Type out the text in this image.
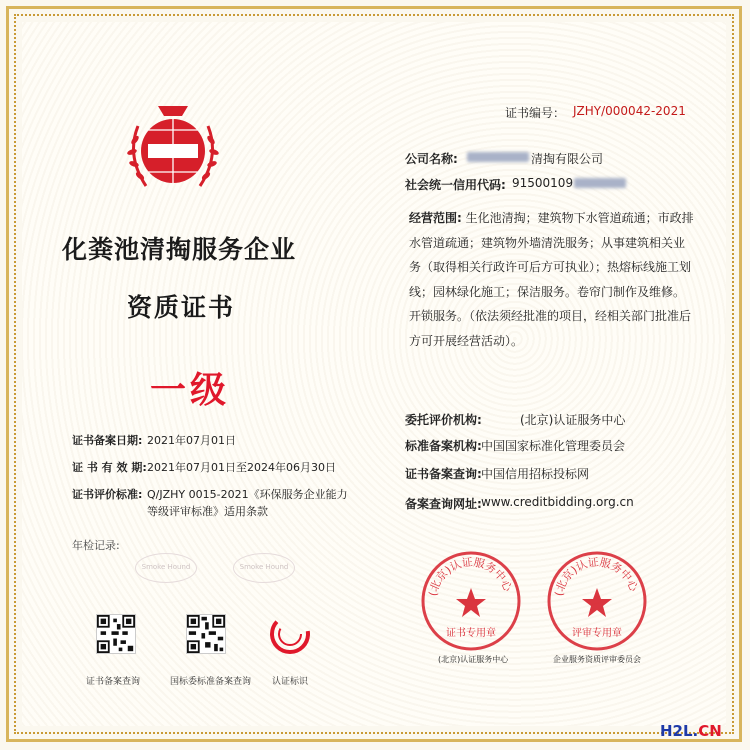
证书编号： JZHY/000042-2021
化粪池清掏服务企业
资质证书
一级
证书备案日期: 2021年07月01日
证 书 有 效 期: 2021年07月01日至2024年06月30日
证书评价标准: Q/JZHY 0015-2021《环保服务企业能力
等级评审标准》适用条款
年检记录:
Smoke Hound	Smoke Hound
公司名称:	清掏有限公司
社会统一信用代码: 91500109
经营范围: 生化池清掏；建筑物下水管道疏通；市政排水管道疏通；建筑物外墙清洗服务；从事建筑相关业务（取得相关行政许可后方可执业）；热熔标线施工划线；园林绿化施工；保洁服务。卷帘门制作及维修。开锁服务。（依法须经批准的项目，经相关部门批准后方可开展经营活动）。
委托评价机构:	(北京)认证服务中心
标准备案机构: 中国国家标准化管理委员会
证书备案查询: 中国信用招标投标网
备案查询网址: www.creditbidding.org.cn
(北京)认证服务中心
证书专用章
(北京)认证服务中心
(北京)认证服务中心
评审专用章
企业服务资质评审委员会
证书备案查询	国标委标准备案查询 认证标识
H2L.CN
